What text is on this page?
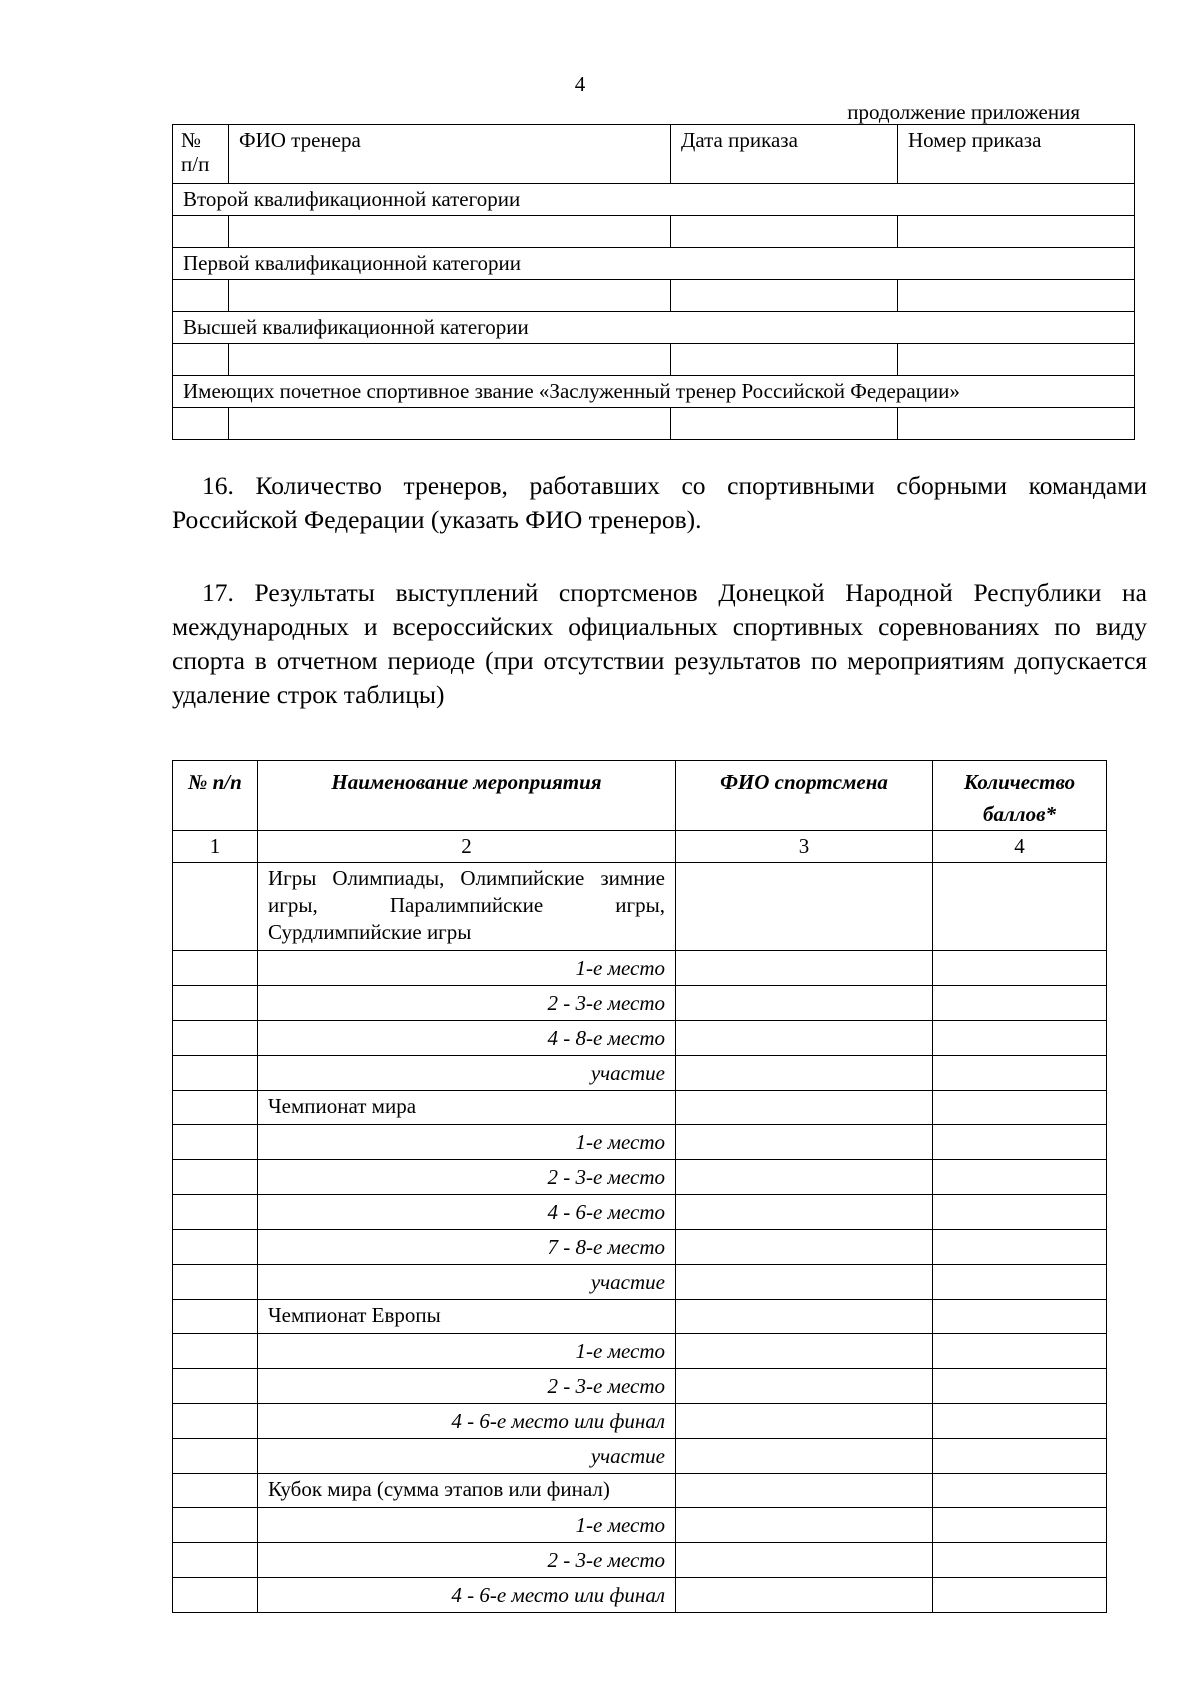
4
продолжение приложения
№
п/п	ФИО тренера	Дата приказа	Номер приказа
Второй квалификационной категории			

Первой квалификационной категории			

Высшей квалификационной категории			

Имеющих почетное спортивное звание «Заслуженный тренер Российской Федерации»			

16. Количество тренеров, работавших со спортивными сборными командами Российской Федерации (указать ФИО тренеров).
17. Результаты выступлений спортсменов Донецкой Народной Республики на международных и всероссийских официальных спортивных соревнованиях по виду спорта в отчетном периоде (при отсутствии результатов по мероприятиям допускается удаление строк таблицы)
№ п/п	Наименование мероприятия	ФИО спортсмена	Количество баллов*
1	2	3	4
	Игры Олимпиады, Олимпийские зимние игры, Паралимпийские игры, Сурдлимпийские игры		
	1-е место		
	2 - 3-е место		
	4 - 8-е место		
	участие		
	Чемпионат мира		
	1-е место		
	2 - 3-е место		
	4 - 6-е место		
	7 - 8-е место		
	участие		
	Чемпионат Европы		
	1-е место		
	2 - 3-е место		
	4 - 6-е место или финал		
	участие		
	Кубок мира (сумма этапов или финал)		
	1-е место		
	2 - 3-е место		
	4 - 6-е место или финал		
